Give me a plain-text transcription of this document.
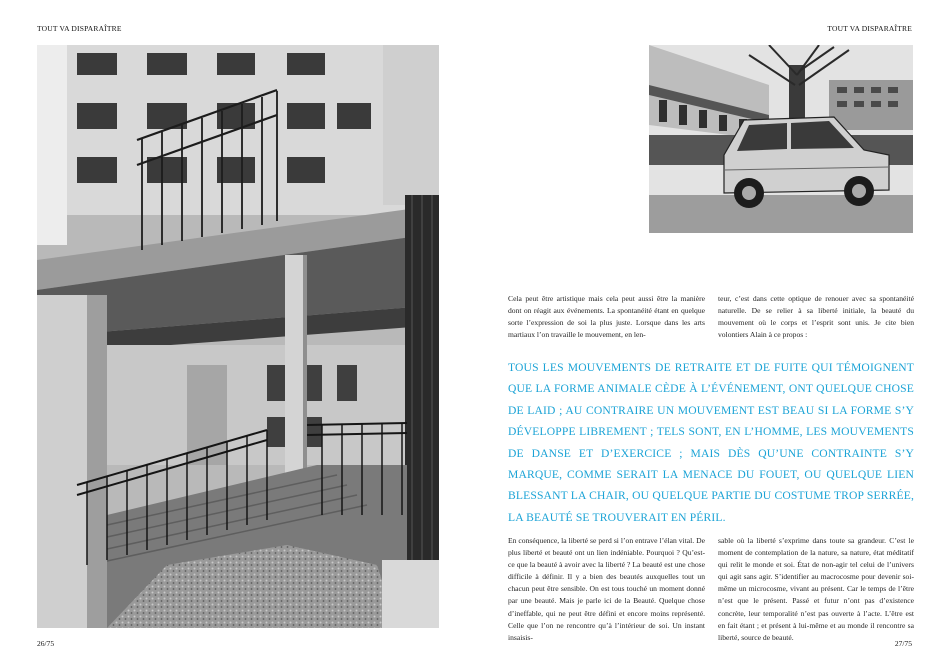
TOUT VA DISPARAÎTRE	TOUT VA DISPARAÎTRE

Cela peut être artistique mais cela peut aussi être la manière dont on réagit aux événements. La spontanéité étant en quelque sorte l’expression de soi la plus juste. Lorsque dans les arts martiaux l’on travaille le mouvement, en len-

teur, c’est dans cette optique de renouer avec sa spontanéité naturelle. De se relier à sa liberté initiale, la beauté du mouvement où le corps et l’esprit sont unis. Je cite bien volontiers Alain à ce propos :

TOUS LES MOUVEMENTS DE RETRAITE ET DE FUITE QUI TÉMOIGNENT QUE LA FORME ANIMALE CÈDE À L’ÉVÉNEMENT, ONT QUELQUE CHOSE DE LAID ; AU CONTRAIRE UN MOUVEMENT EST BEAU SI LA FORME S’Y DÉVELOPPE LIBREMENT ; TELS SONT, EN L’HOMME, LES MOUVEMENTS DE DANSE ET D’EXERCICE ; MAIS DÈS QU’UNE CONTRAINTE S’Y MARQUE, COMME SERAIT LA MENACE DU FOUET, OU QUELQUE LIEN BLESSANT LA CHAIR, OU QUELQUE PARTIE DU COSTUME TROP SERRÉE, LA BEAUTÉ SE TROUVERAIT EN PÉRIL.

En conséquence, la liberté se perd si l’on entrave l’élan vital. De plus liberté et beauté ont un lien indéniable. Pourquoi ? Qu’est-ce que la beauté à avoir avec la liberté ? La beauté est une chose difficile à définir. Il y a bien des beautés auxquelles tout un chacun peut être sensible. On est tous touché un moment donné par une beauté. Mais je parle ici de la Beauté. Quelque chose d’ineffable, qui ne peut être défini et encore moins représenté. Celle que l’on ne rencontre qu’à l’intérieur de soi. Un instant insaisis-

sable où la liberté s’exprime dans toute sa grandeur. C’est le moment de contemplation de la nature, sa nature, état méditatif qui relit le monde et soi. État de non-agir tel celui de l’univers qui agit sans agir. S’identifier au macrocosme pour devenir soi-même un microcosme, vivant au présent. Car le temps de l’être n’est que le présent. Passé et futur n’ont pas d’existence concrète, leur temporalité n’est pas ouverte à l’acte. L’être est en fait étant ; et présent à lui-même et au monde il rencontre sa liberté, source de beauté.

26/75	27/75
